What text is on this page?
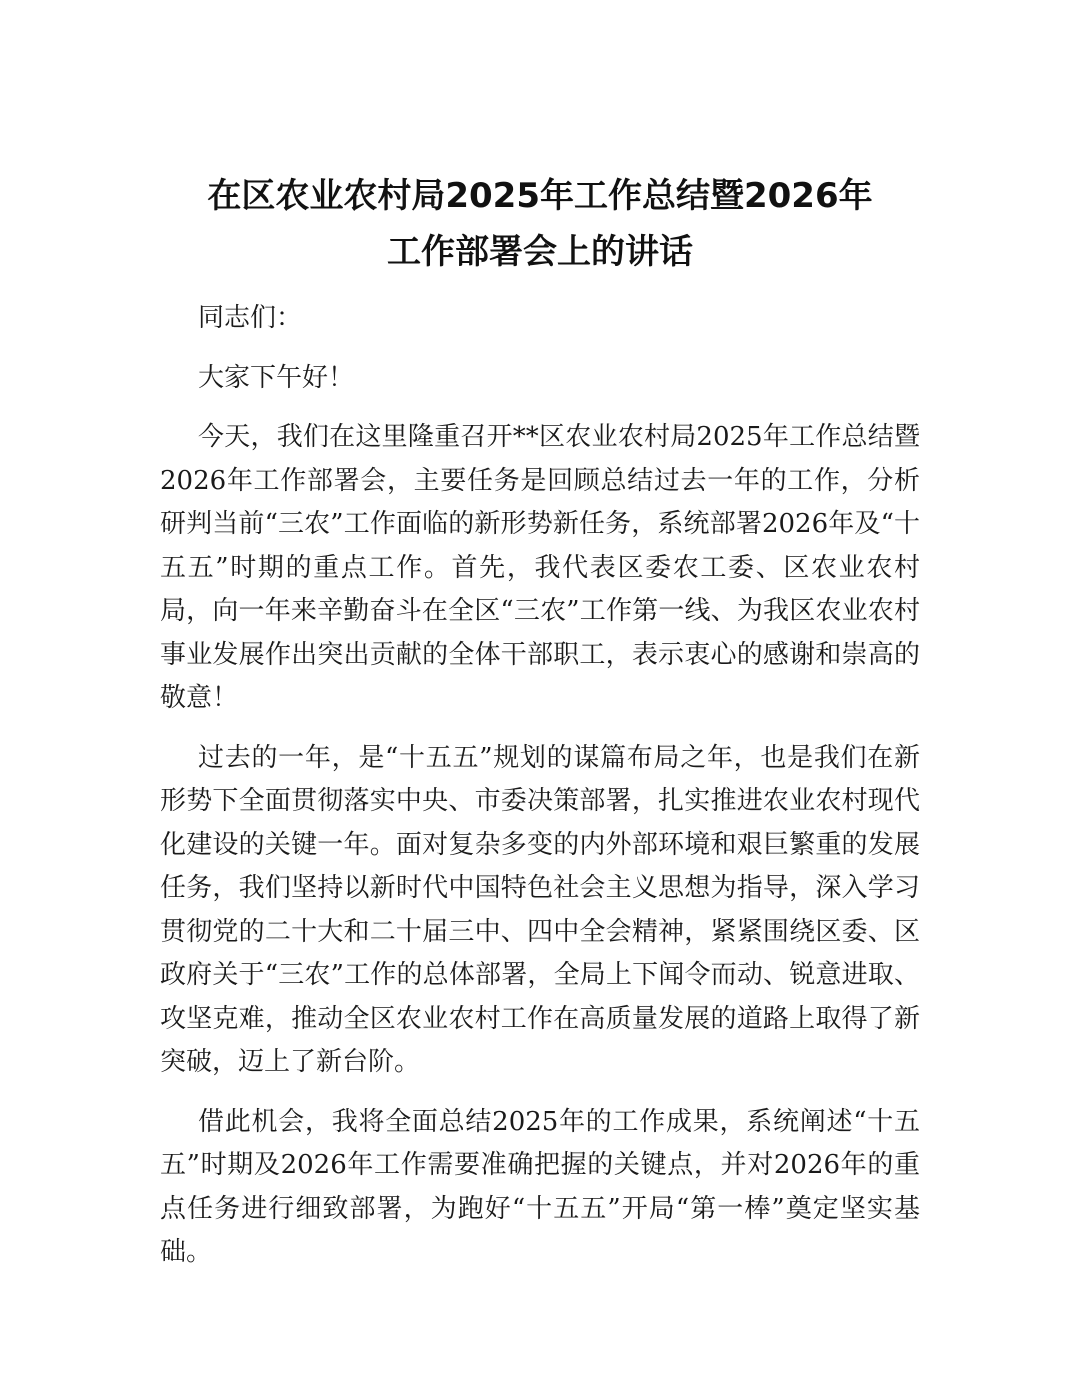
在区农业农村局2025年工作总结暨2026年
工作部署会上的讲话

同志们：

大家下午好！

今天，我们在这里隆重召开**区农业农村局2025年工作总结暨2026年工作部署会，主要任务是回顾总结过去一年的工作，分析研判当前“三农”工作面临的新形势新任务，系统部署2026年及“十五五”时期的重点工作。首先，我代表区委农工委、区农业农村局，向一年来辛勤奋斗在全区“三农”工作第一线、为我区农业农村事业发展作出突出贡献的全体干部职工，表示衷心的感谢和崇高的敬意！

过去的一年，是“十五五”规划的谋篇布局之年，也是我们在新形势下全面贯彻落实中央、市委决策部署，扎实推进农业农村现代化建设的关键一年。面对复杂多变的内外部环境和艰巨繁重的发展任务，我们坚持以新时代中国特色社会主义思想为指导，深入学习贯彻党的二十大和二十届三中、四中全会精神，紧紧围绕区委、区政府关于“三农”工作的总体部署，全局上下闻令而动、锐意进取、攻坚克难，推动全区农业农村工作在高质量发展的道路上取得了新突破，迈上了新台阶。

借此机会，我将全面总结2025年的工作成果，系统阐述“十五五”时期及2026年工作需要准确把握的关键点，并对2026年的重点任务进行细致部署，为跑好“十五五”开局“第一棒”奠定坚实基础。
